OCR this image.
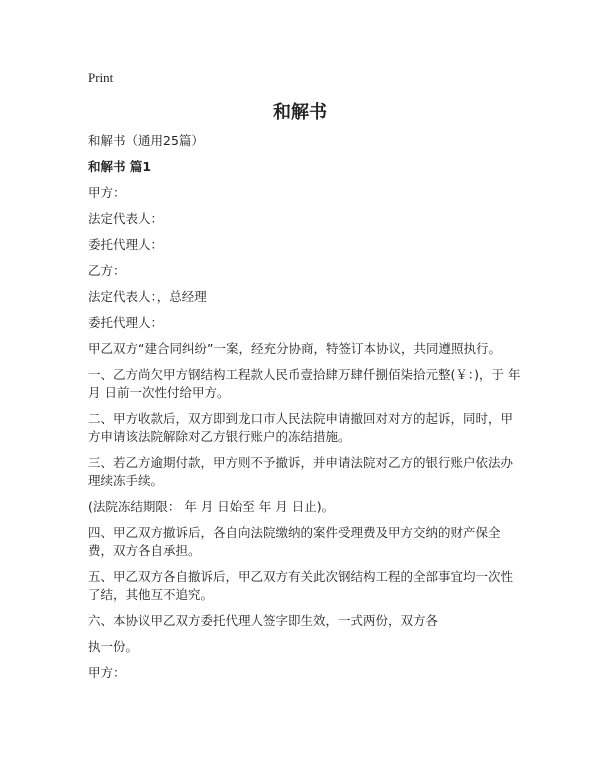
Print
和解书

和解书（通用25篇）

和解书 篇1

甲方：

法定代表人：

委托代理人：

乙方：

法定代表人：，总经理

委托代理人：

甲乙双方“建合同纠纷”一案，经充分协商，特签订本协议，共同遵照执行。

一、乙方尚欠甲方钢结构工程款人民币壹拾肆万肆仟捌佰柒拾元整(￥：)，于 年 月 日前一次性付给甲方。

二、甲方收款后，双方即到龙口市人民法院申请撤回对对方的起诉，同时，甲方申请该法院解除对乙方银行账户的冻结措施。

三、若乙方逾期付款，甲方则不予撤诉，并申请法院对乙方的银行账户依法办理续冻手续。

(法院冻结期限： 年 月 日始至 年 月 日止)。

四、甲乙双方撤诉后，各自向法院缴纳的案件受理费及甲方交纳的财产保全费，双方各自承担。

五、甲乙双方各自撤诉后，甲乙双方有关此次钢结构工程的全部事宜均一次性了结，其他互不追究。

六、本协议甲乙双方委托代理人签字即生效，一式两份，双方各

执一份。

甲方：
